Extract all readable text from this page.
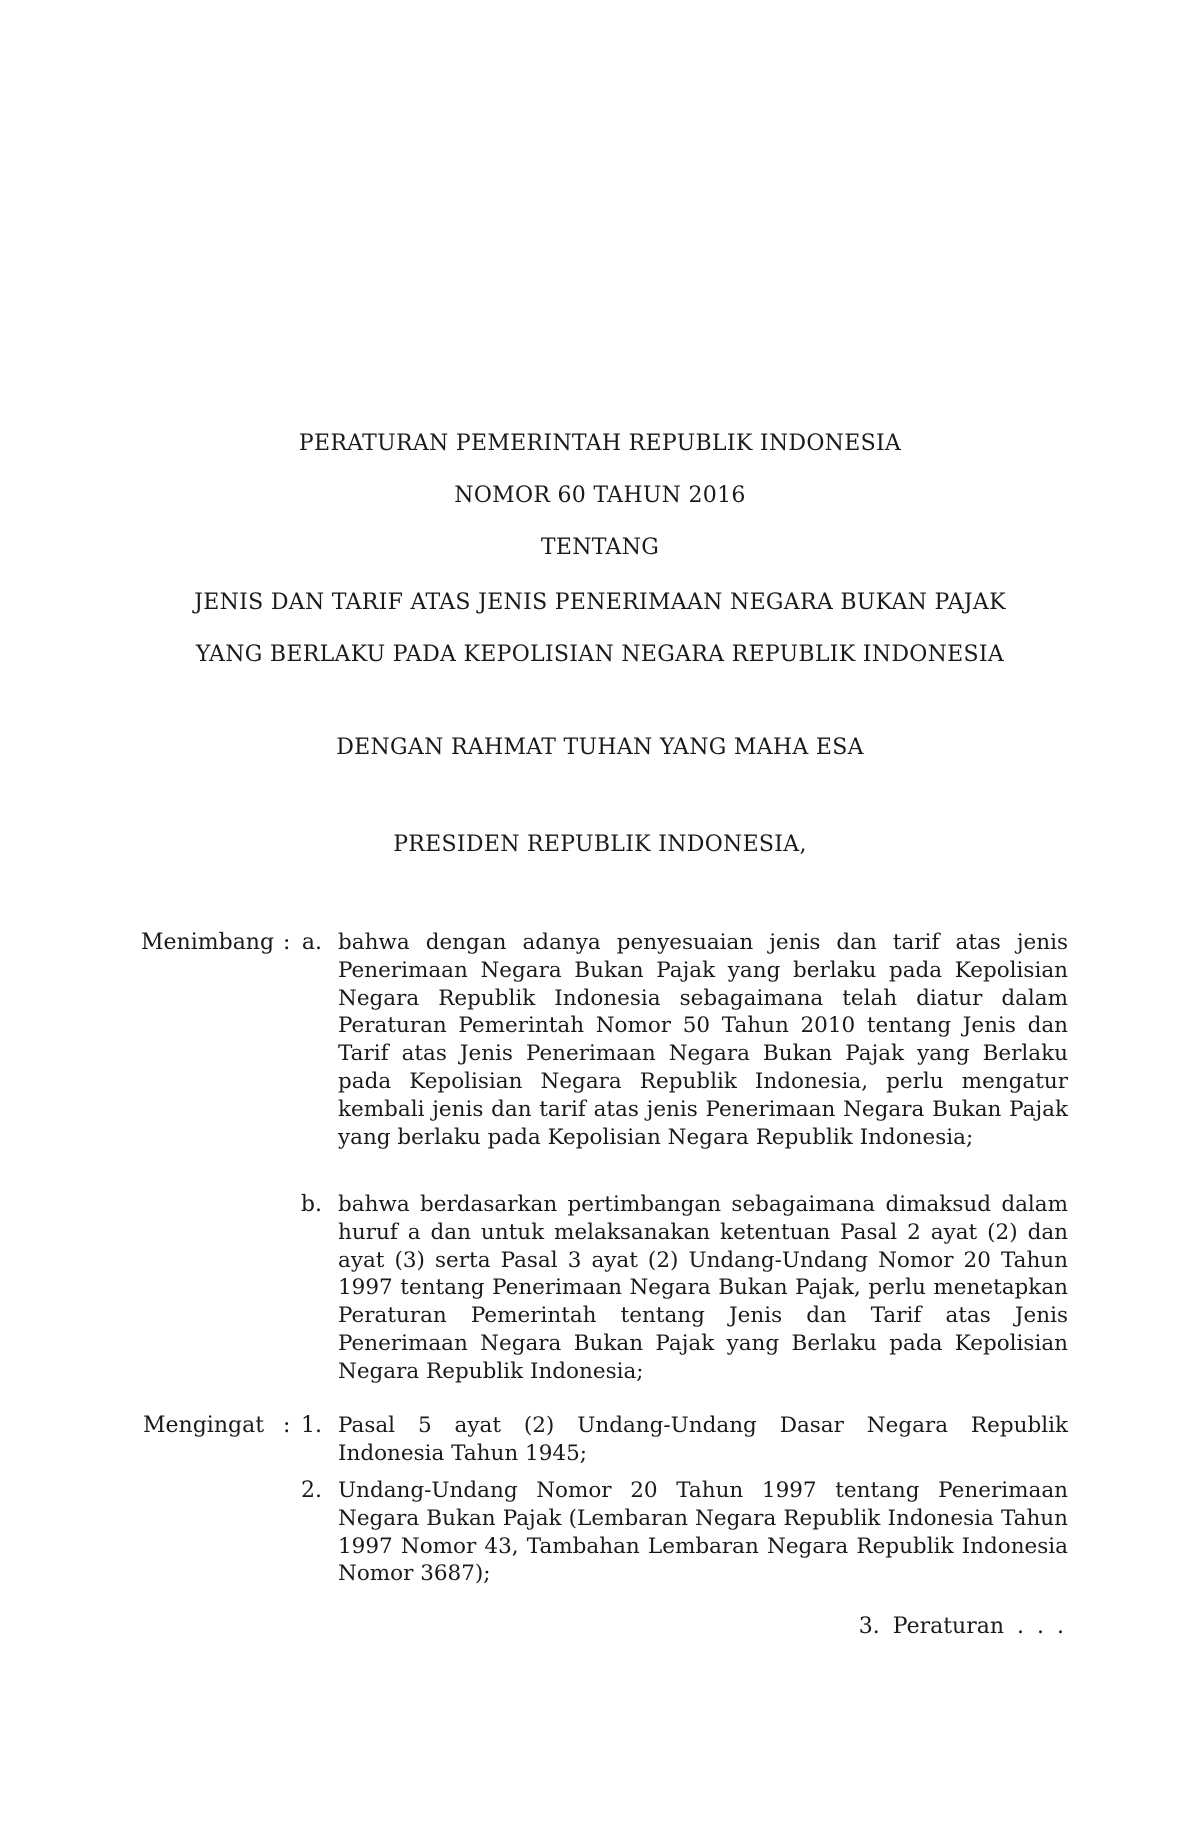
PERATURAN PEMERINTAH REPUBLIK INDONESIA
NOMOR 60 TAHUN 2016
TENTANG
JENIS DAN TARIF ATAS JENIS PENERIMAAN NEGARA BUKAN PAJAK
YANG BERLAKU PADA KEPOLISIAN NEGARA REPUBLIK INDONESIA
DENGAN RAHMAT TUHAN YANG MAHA ESA
PRESIDEN REPUBLIK INDONESIA,
Menimbang : a. bahwa dengan adanya penyesuaian jenis dan tarif atas jenis Penerimaan Negara Bukan Pajak yang berlaku pada Kepolisian Negara Republik Indonesia sebagaimana telah diatur dalam Peraturan Pemerintah Nomor 50 Tahun 2010 tentang Jenis dan Tarif atas Jenis Penerimaan Negara Bukan Pajak yang Berlaku pada Kepolisian Negara Republik Indonesia, perlu mengatur kembali jenis dan tarif atas jenis Penerimaan Negara Bukan Pajak yang berlaku pada Kepolisian Negara Republik Indonesia;
b. bahwa berdasarkan pertimbangan sebagaimana dimaksud dalam huruf a dan untuk melaksanakan ketentuan Pasal 2 ayat (2) dan ayat (3) serta Pasal 3 ayat (2) Undang-Undang Nomor 20 Tahun 1997 tentang Penerimaan Negara Bukan Pajak, perlu menetapkan Peraturan Pemerintah tentang Jenis dan Tarif atas Jenis Penerimaan Negara Bukan Pajak yang Berlaku pada Kepolisian Negara Republik Indonesia;
Mengingat : 1. Pasal 5 ayat (2) Undang-Undang Dasar Negara Republik Indonesia Tahun 1945;
2. Undang-Undang Nomor 20 Tahun 1997 tentang Penerimaan Negara Bukan Pajak (Lembaran Negara Republik Indonesia Tahun 1997 Nomor 43, Tambahan Lembaran Negara Republik Indonesia Nomor 3687);
3. Peraturan . . .
